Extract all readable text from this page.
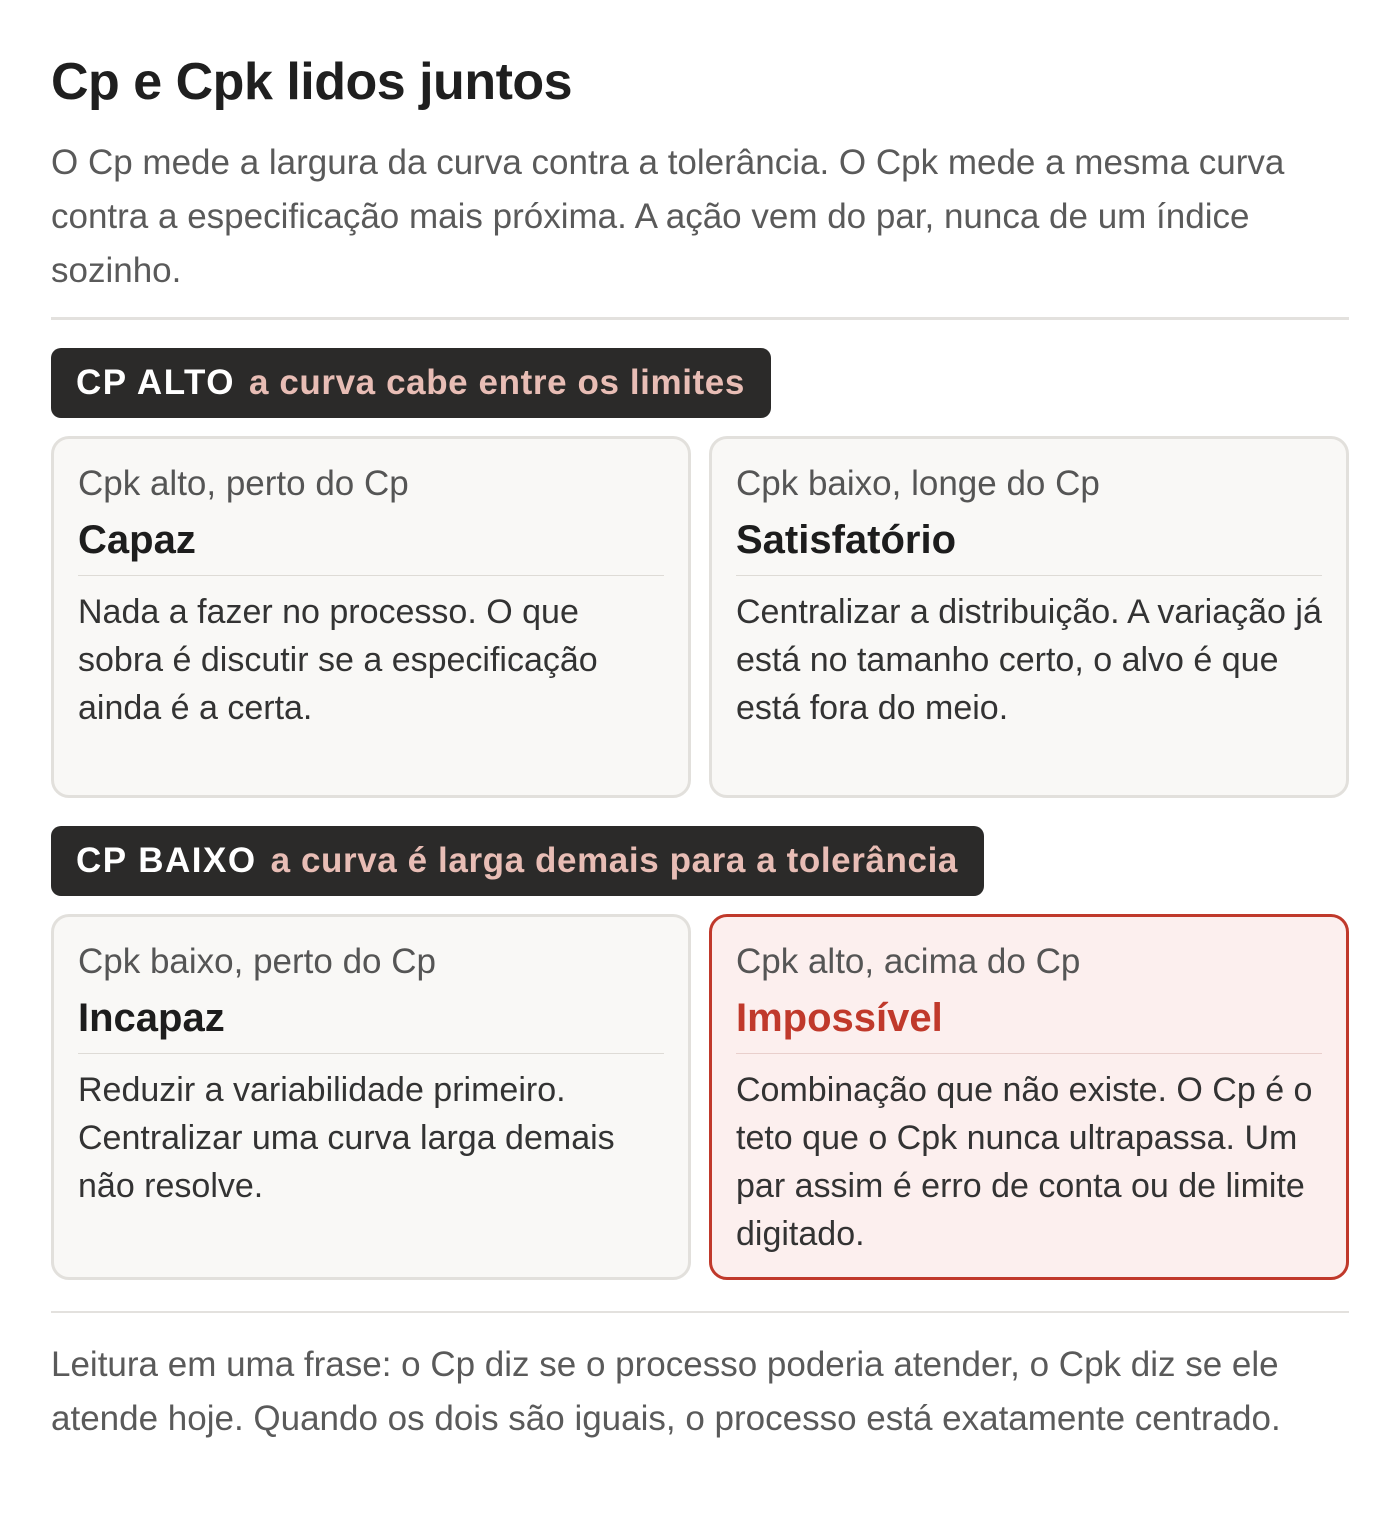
Cp e Cpk lidos juntos

O Cp mede a largura da curva contra a tolerância. O Cpk mede a mesma curva contra a especificação mais próxima. A ação vem do par, nunca de um índice sozinho.

CP ALTO a curva cabe entre os limites
Cpk alto, perto do Cp
Capaz
Nada a fazer no processo. O que sobra é discutir se a especificação ainda é a certa.
Cpk baixo, longe do Cp
Satisfatório
Centralizar a distribuição. A variação já está no tamanho certo, o alvo é que está fora do meio.
CP BAIXO a curva é larga demais para a tolerância
Cpk baixo, perto do Cp
Incapaz
Reduzir a variabilidade primeiro. Centralizar uma curva larga demais não resolve.
Cpk alto, acima do Cp
Impossível
Combinação que não existe. O Cp é o teto que o Cpk nunca ultrapassa. Um par assim é erro de conta ou de limite digitado.

Leitura em uma frase: o Cp diz se o processo poderia atender, o Cpk diz se ele atende hoje. Quando os dois são iguais, o processo está exatamente centrado.
